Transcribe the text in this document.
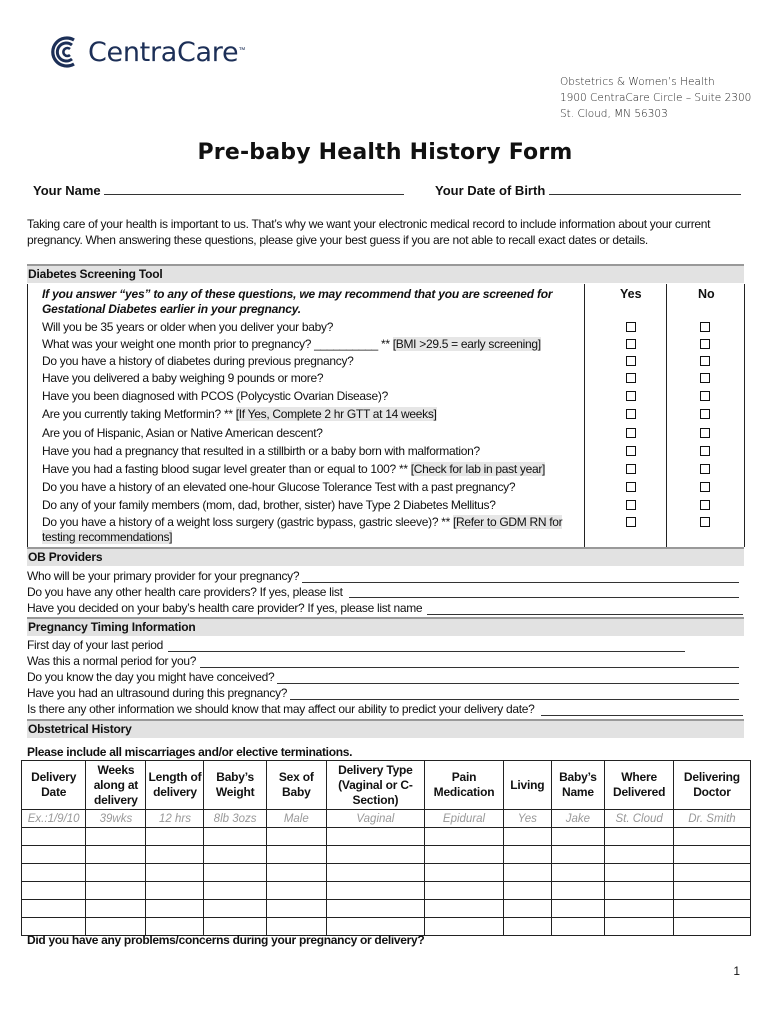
CentraCare ™
Obstetrics & Women’s Health
1900 CentraCare Circle – Suite 2300
St. Cloud, MN 56303
Pre-baby Health History Form
Your Name	Your Date of Birth
Taking care of your health is important to us. That’s why we want your electronic medical record to include information about your current pregnancy. When answering these questions, please give your best guess if you are not able to recall exact dates or details.
Diabetes Screening Tool
If you answer “yes” to any of these questions, we may recommend that you are screened for Gestational Diabetes earlier in your pregnancy.
Yes	No
Will you be 35 years or older when you deliver your baby?
What was your weight one month prior to pregnancy? __________ ** [BMI >29.5 = early screening]
Do you have a history of diabetes during previous pregnancy?
Have you delivered a baby weighing 9 pounds or more?
Have you been diagnosed with PCOS (Polycystic Ovarian Disease)?
Are you currently taking Metformin? ** [If Yes, Complete 2 hr GTT at 14 weeks]
Are you of Hispanic, Asian or Native American descent?
Have you had a pregnancy that resulted in a stillbirth or a baby born with malformation?
Have you had a fasting blood sugar level greater than or equal to 100? ** [Check for lab in past year]
Do you have a history of an elevated one-hour Glucose Tolerance Test with a past pregnancy?
Do any of your family members (mom, dad, brother, sister) have Type 2 Diabetes Mellitus?
Do you have a history of a weight loss surgery (gastric bypass, gastric sleeve)? ** [Refer to GDM RN for
testing recommendations]
OB Providers
Who will be your primary provider for your pregnancy?
Do you have any other health care providers? If yes, please list
Have you decided on your baby’s health care provider? If yes, please list name
Pregnancy Timing Information
First day of your last period
Was this a normal period for you?
Do you know the day you might have conceived?
Have you had an ultrasound during this pregnancy?
Is there any other information we should know that may affect our ability to predict your delivery date?
Obstetrical History
Please include all miscarriages and/or elective terminations.
Delivery Date	Weeks along at delivery	Length of delivery	Baby’s Weight	Sex of Baby	Delivery Type (Vaginal or C-Section)	Pain Medication	Living	Baby’s Name	Where Delivered	Delivering Doctor
Ex.:1/9/10	39wks	12 hrs	8lb 3ozs	Male	Vaginal	Epidural	Yes	Jake	St. Cloud	Dr. Smith

Did you have any problems/concerns during your pregnancy or delivery?
1
